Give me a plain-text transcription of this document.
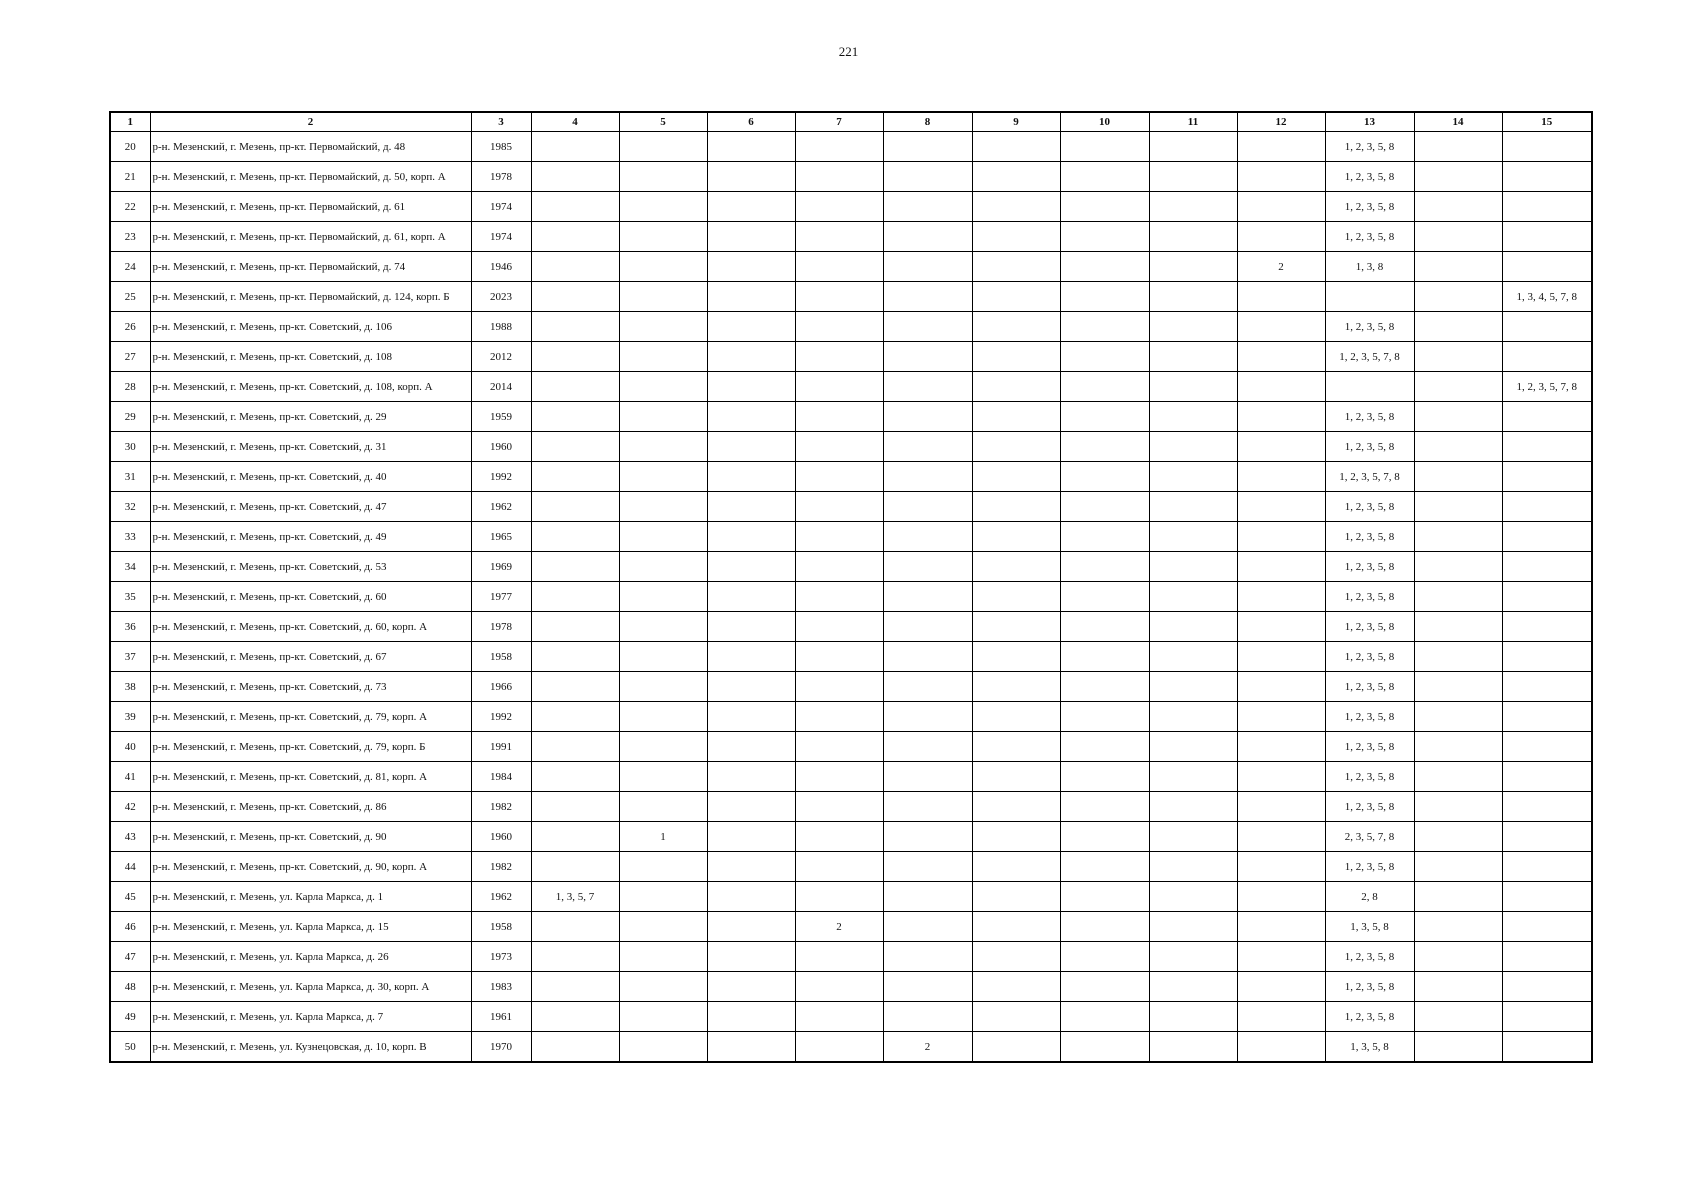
221
1	2	3	4	5	6	7	8	9	10	11	12	13	14	15
20	р-н. Мезенский, г. Мезень, пр-кт. Первомайский, д. 48	1985										1, 2, 3, 5, 8		
21	р-н. Мезенский, г. Мезень, пр-кт. Первомайский, д. 50, корп. А	1978										1, 2, 3, 5, 8		
22	р-н. Мезенский, г. Мезень, пр-кт. Первомайский, д. 61	1974										1, 2, 3, 5, 8		
23	р-н. Мезенский, г. Мезень, пр-кт. Первомайский, д. 61, корп. А	1974										1, 2, 3, 5, 8		
24	р-н. Мезенский, г. Мезень, пр-кт. Первомайский, д. 74	1946									2	1, 3, 8		
25	р-н. Мезенский, г. Мезень, пр-кт. Первомайский, д. 124, корп. Б	2023												1, 3, 4, 5, 7, 8
26	р-н. Мезенский, г. Мезень, пр-кт. Советский, д. 106	1988										1, 2, 3, 5, 8		
27	р-н. Мезенский, г. Мезень, пр-кт. Советский, д. 108	2012										1, 2, 3, 5, 7, 8		
28	р-н. Мезенский, г. Мезень, пр-кт. Советский, д. 108, корп. А	2014												1, 2, 3, 5, 7, 8
29	р-н. Мезенский, г. Мезень, пр-кт. Советский, д. 29	1959										1, 2, 3, 5, 8		
30	р-н. Мезенский, г. Мезень, пр-кт. Советский, д. 31	1960										1, 2, 3, 5, 8		
31	р-н. Мезенский, г. Мезень, пр-кт. Советский, д. 40	1992										1, 2, 3, 5, 7, 8		
32	р-н. Мезенский, г. Мезень, пр-кт. Советский, д. 47	1962										1, 2, 3, 5, 8		
33	р-н. Мезенский, г. Мезень, пр-кт. Советский, д. 49	1965										1, 2, 3, 5, 8		
34	р-н. Мезенский, г. Мезень, пр-кт. Советский, д. 53	1969										1, 2, 3, 5, 8		
35	р-н. Мезенский, г. Мезень, пр-кт. Советский, д. 60	1977										1, 2, 3, 5, 8		
36	р-н. Мезенский, г. Мезень, пр-кт. Советский, д. 60, корп. А	1978										1, 2, 3, 5, 8		
37	р-н. Мезенский, г. Мезень, пр-кт. Советский, д. 67	1958										1, 2, 3, 5, 8		
38	р-н. Мезенский, г. Мезень, пр-кт. Советский, д. 73	1966										1, 2, 3, 5, 8		
39	р-н. Мезенский, г. Мезень, пр-кт. Советский, д. 79, корп. А	1992										1, 2, 3, 5, 8		
40	р-н. Мезенский, г. Мезень, пр-кт. Советский, д. 79, корп. Б	1991										1, 2, 3, 5, 8		
41	р-н. Мезенский, г. Мезень, пр-кт. Советский, д. 81, корп. А	1984										1, 2, 3, 5, 8		
42	р-н. Мезенский, г. Мезень, пр-кт. Советский, д. 86	1982										1, 2, 3, 5, 8		
43	р-н. Мезенский, г. Мезень, пр-кт. Советский, д. 90	1960		1								2, 3, 5, 7, 8		
44	р-н. Мезенский, г. Мезень, пр-кт. Советский, д. 90, корп. А	1982										1, 2, 3, 5, 8		
45	р-н. Мезенский, г. Мезень, ул. Карла Маркса, д. 1	1962	1, 3, 5, 7									2, 8		
46	р-н. Мезенский, г. Мезень, ул. Карла Маркса, д. 15	1958				2						1, 3, 5, 8		
47	р-н. Мезенский, г. Мезень, ул. Карла Маркса, д. 26	1973										1, 2, 3, 5, 8		
48	р-н. Мезенский, г. Мезень, ул. Карла Маркса, д. 30, корп. А	1983										1, 2, 3, 5, 8		
49	р-н. Мезенский, г. Мезень, ул. Карла Маркса, д. 7	1961										1, 2, 3, 5, 8		
50	р-н. Мезенский, г. Мезень, ул. Кузнецовская, д. 10, корп. В	1970					2					1, 3, 5, 8		
